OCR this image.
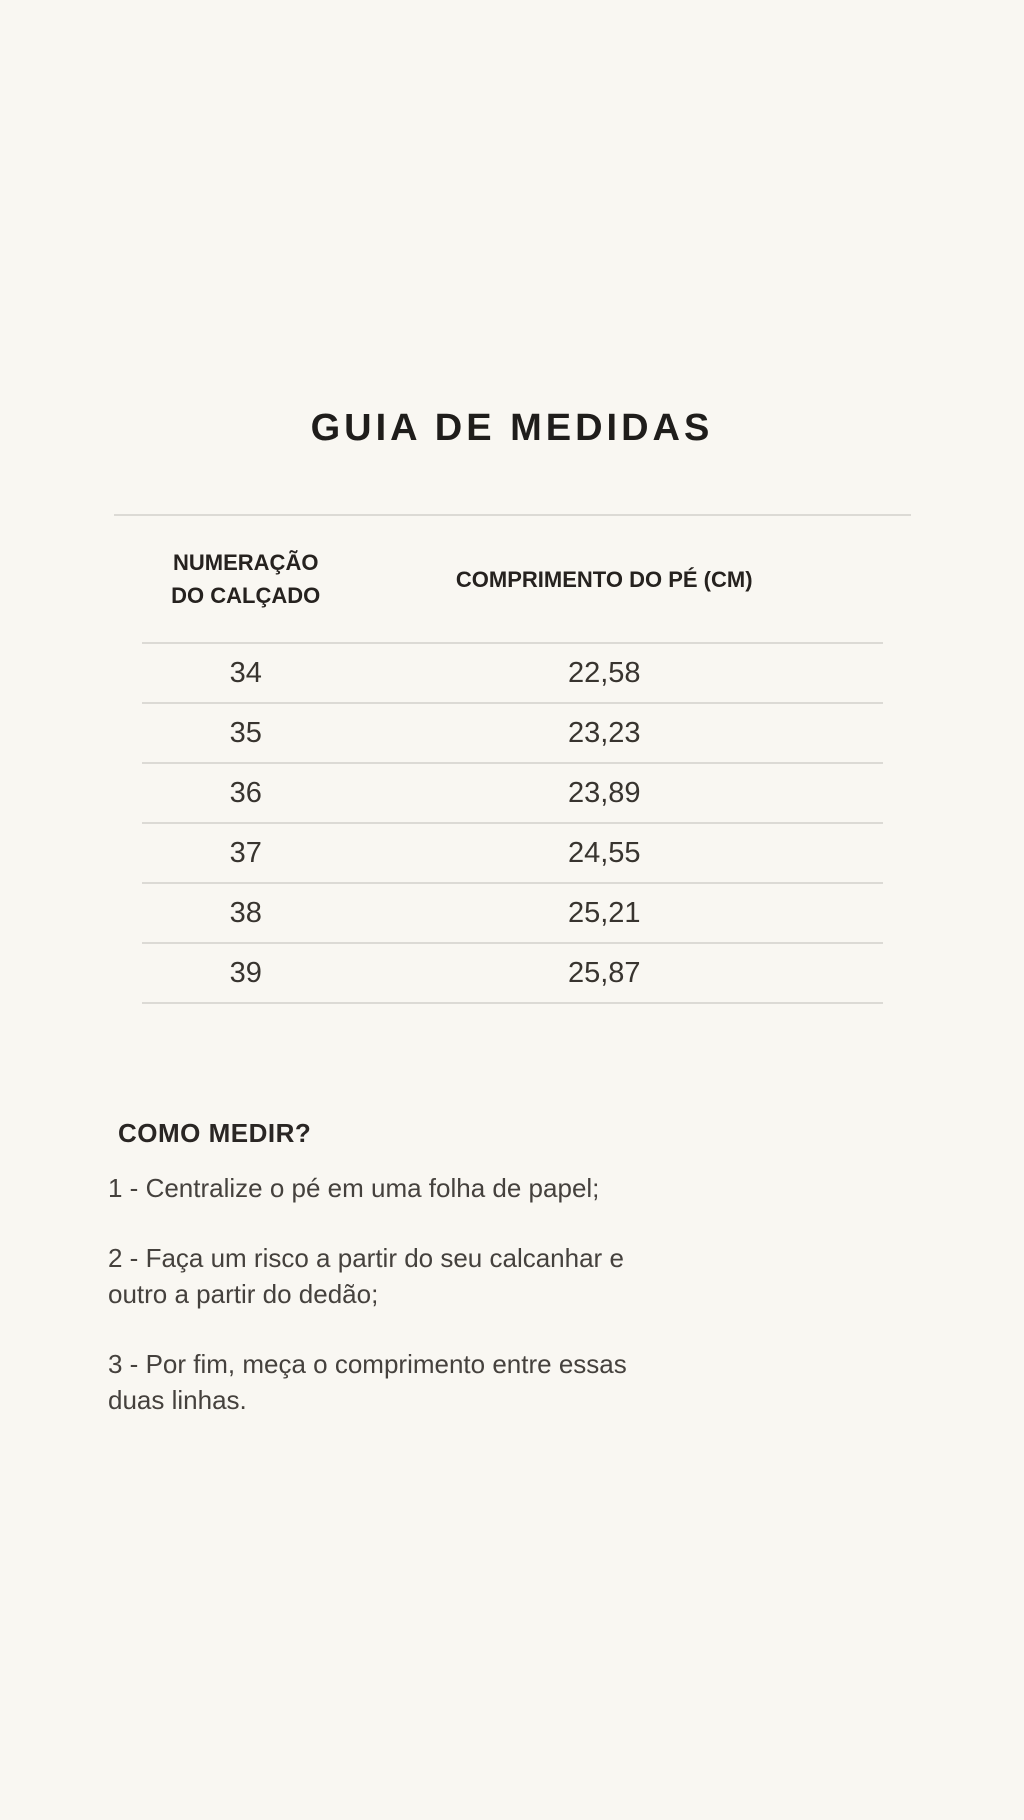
GUIA DE MEDIDAS
NUMERAÇÃO DO CALÇADO
COMPRIMENTO DO PÉ (CM)
34	22,58
35	23,23
36	23,89
37	24,55
38	25,21
39	25,87
COMO MEDIR?

1 - Centralize o pé em uma folha de papel;

2 - Faça um risco a partir do seu calcanhar e
outro a partir do dedão;

3 - Por fim, meça o comprimento entre essas
duas linhas.
